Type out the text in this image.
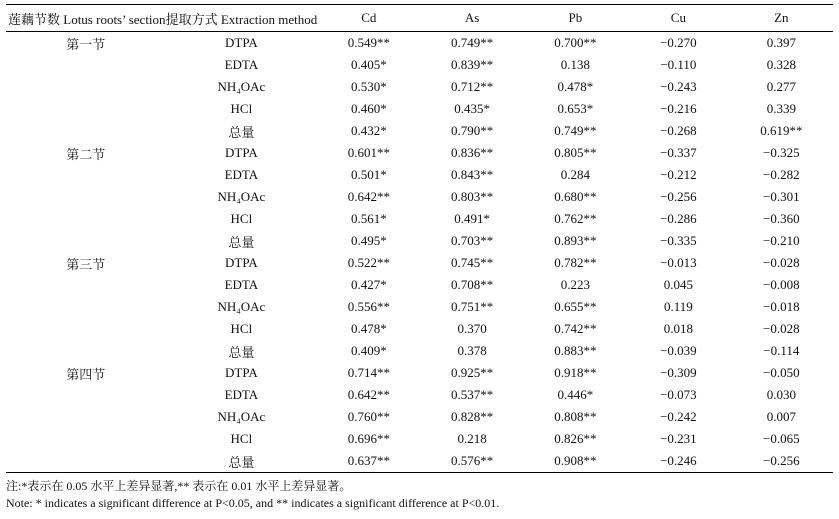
莲藕节数 Lotus roots’ section	提取方式 Extraction method	Cd	As	Pb	Cu	Zn
第一节	DTPA	0.549**	0.749**	0.700**	−0.270	0.397
	EDTA	0.405*	0.839**	0.138	−0.110	0.328
	NH₄OAc	0.530*	0.712**	0.478*	−0.243	0.277
	HCl	0.460*	0.435*	0.653*	−0.216	0.339
	总量	0.432*	0.790**	0.749**	−0.268	0.619**
第二节	DTPA	0.601**	0.836**	0.805**	−0.337	−0.325
	EDTA	0.501*	0.843**	0.284	−0.212	−0.282
	NH₄OAc	0.642**	0.803**	0.680**	−0.256	−0.301
	HCl	0.561*	0.491*	0.762**	−0.286	−0.360
	总量	0.495*	0.703**	0.893**	−0.335	−0.210
第三节	DTPA	0.522**	0.745**	0.782**	−0.013	−0.028
	EDTA	0.427*	0.708**	0.223	0.045	−0.008
	NH₄OAc	0.556**	0.751**	0.655**	0.119	−0.018
	HCl	0.478*	0.370	0.742**	0.018	−0.028
	总量	0.409*	0.378	0.883**	−0.039	−0.114
第四节	DTPA	0.714**	0.925**	0.918**	−0.309	−0.050
	EDTA	0.642**	0.537**	0.446*	−0.073	0.030
	NH₄OAc	0.760**	0.828**	0.808**	−0.242	0.007
	HCl	0.696**	0.218	0.826**	−0.231	−0.065
	总量	0.637**	0.576**	0.908**	−0.246	−0.256
注:*表示在 0.05 水平上差异显著,** 表示在 0.01 水平上差异显著。
Note: * indicates a significant difference at P<0.05, and ** indicates a significant difference at P<0.01.
